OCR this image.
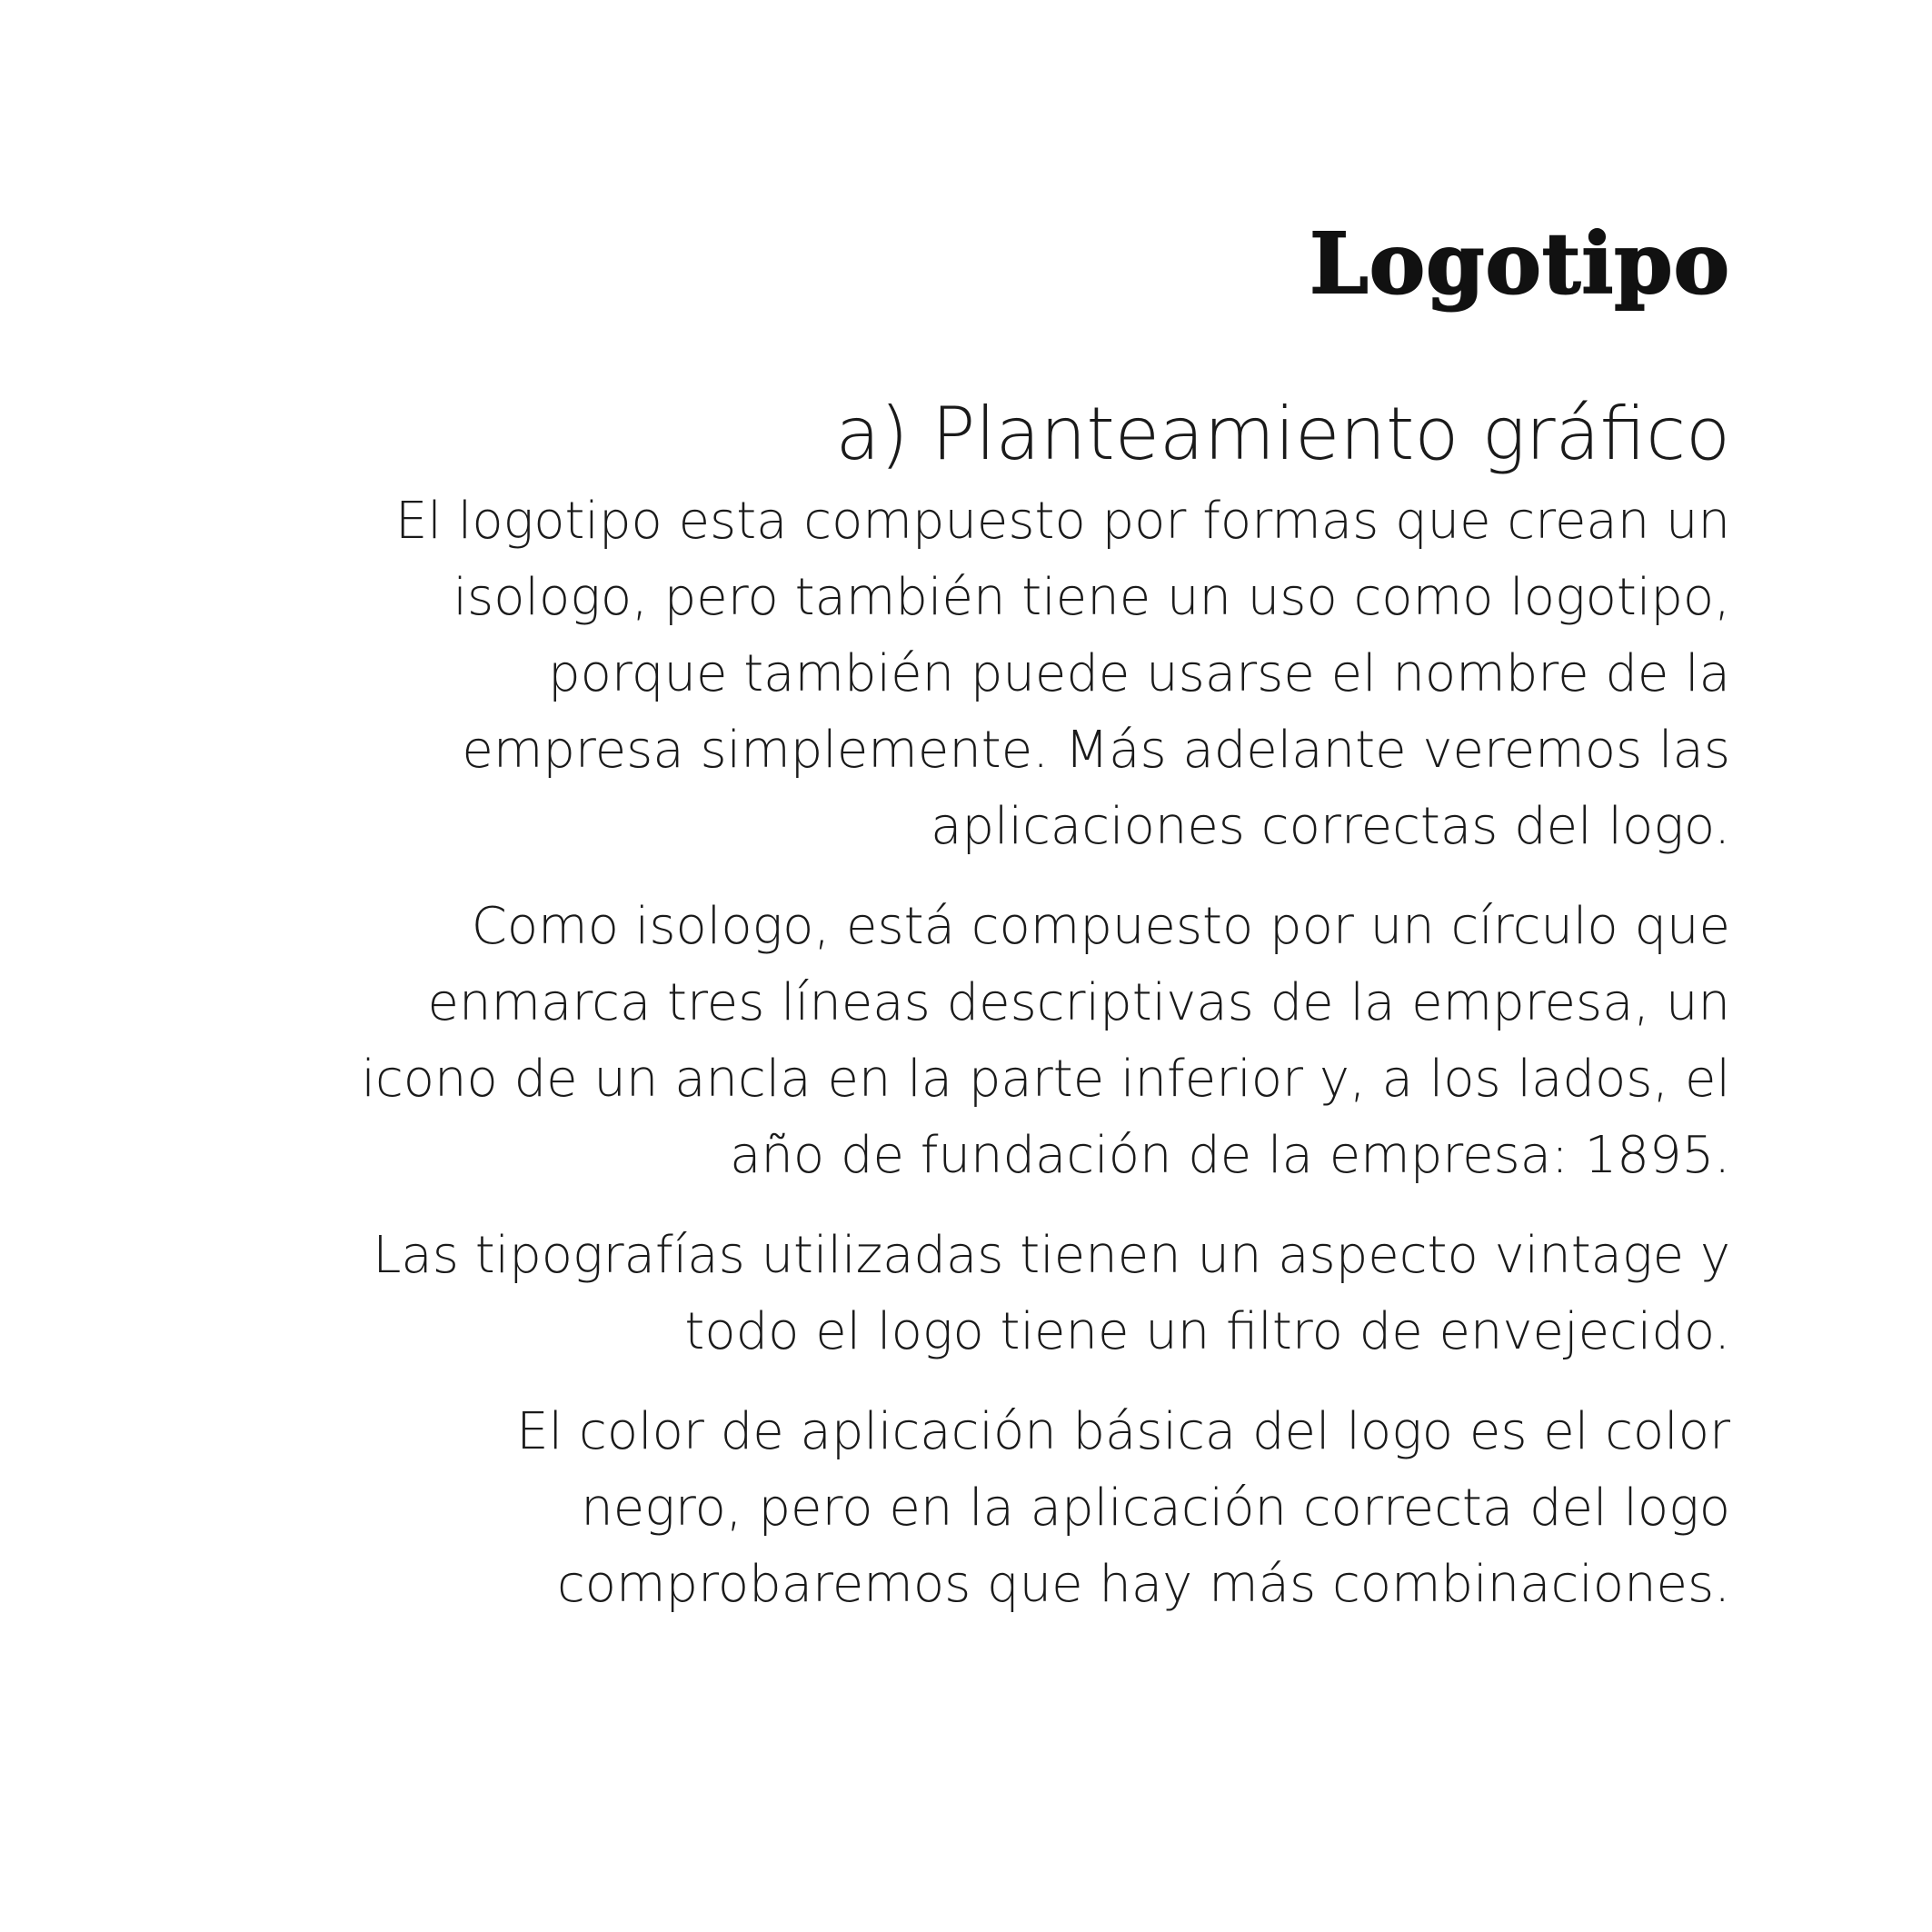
Logotipo
a) Planteamiento gráfico

El logotipo esta compuesto por formas que crean un
isologo, pero también tiene un uso como logotipo,
porque también puede usarse el nombre de la
empresa simplemente. Más adelante veremos las
aplicaciones correctas del logo.

Como isologo, está compuesto por un círculo que
enmarca tres líneas descriptivas de la empresa, un
icono de un ancla en la parte inferior y, a los lados, el
año de fundación de la empresa: 1895.

Las tipografías utilizadas tienen un aspecto vintage y
todo el logo tiene un filtro de envejecido.

El color de aplicación básica del logo es el color
negro, pero en la aplicación correcta del logo
comprobaremos que hay más combinaciones.
